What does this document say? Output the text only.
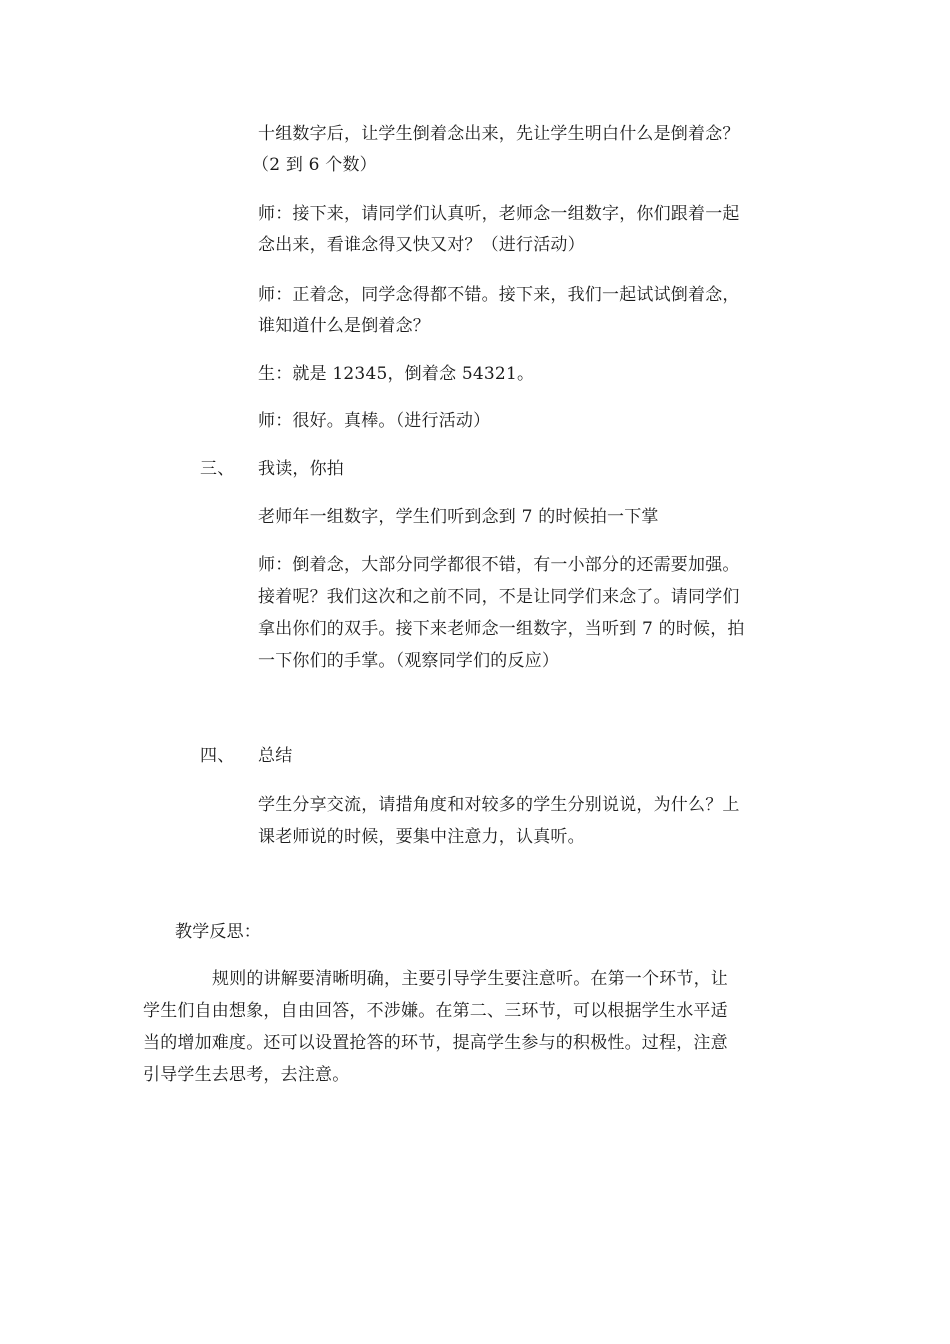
十组数字后，让学生倒着念出来，先让学生明白什么是倒着念？
（2 到 6 个数）
师：接下来，请同学们认真听，老师念一组数字，你们跟着一起
念出来，看谁念得又快又对？（进行活动）
师：正着念，同学念得都不错。接下来，我们一起试试倒着念，
谁知道什么是倒着念？
生：就是 12345，倒着念 54321。
师：很好。真棒。（进行活动）
三、 我读，你拍
老师年一组数字，学生们听到念到 7 的时候拍一下掌
师：倒着念，大部分同学都很不错，有一小部分的还需要加强。
接着呢？我们这次和之前不同，不是让同学们来念了。请同学们
拿出你们的双手。接下来老师念一组数字，当听到 7 的时候，拍
一下你们的手掌。（观察同学们的反应）
四、 总结
学生分享交流，请措角度和对较多的学生分别说说，为什么？上
课老师说的时候，要集中注意力，认真听。
教学反思：
规则的讲解要清晰明确，主要引导学生要注意听。在第一个环节，让
学生们自由想象，自由回答，不涉嫌。在第二、三环节，可以根据学生水平适
当的增加难度。还可以设置抢答的环节，提高学生参与的积极性。过程，注意
引导学生去思考，去注意。
